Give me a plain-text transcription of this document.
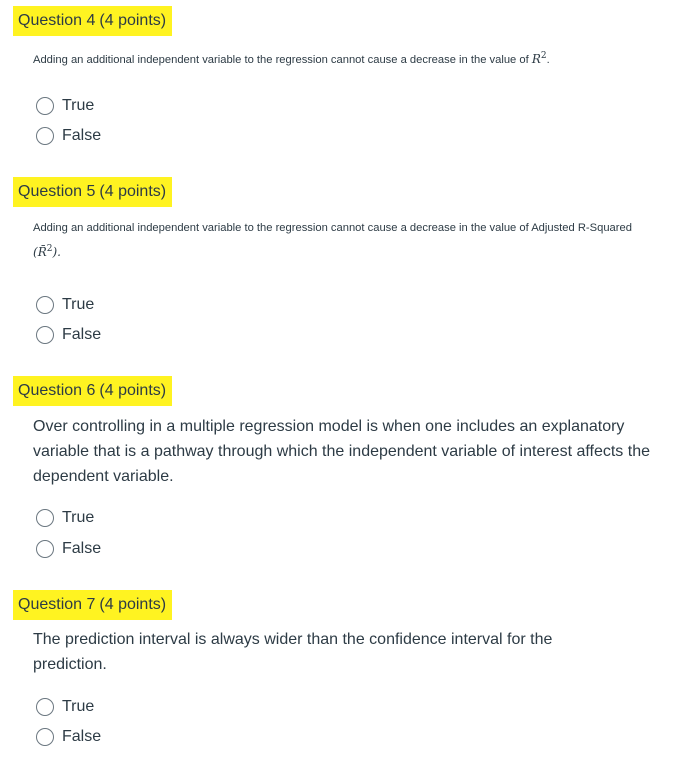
Question 4 (4 points)
Adding an additional independent variable to the regression cannot cause a decrease in the value of $R^2$.
True
False
Question 5 (4 points)
Adding an additional independent variable to the regression cannot cause a decrease in the value of Adjusted R-Squared
(R̄$^2$).
True
False
Question 6 (4 points)
Over controlling in a multiple regression model is when one includes an explanatory variable that is a pathway through which the independent variable of interest affects the dependent variable.
True
False
Question 7 (4 points)
The prediction interval is always wider than the confidence interval for the prediction.
True
False
